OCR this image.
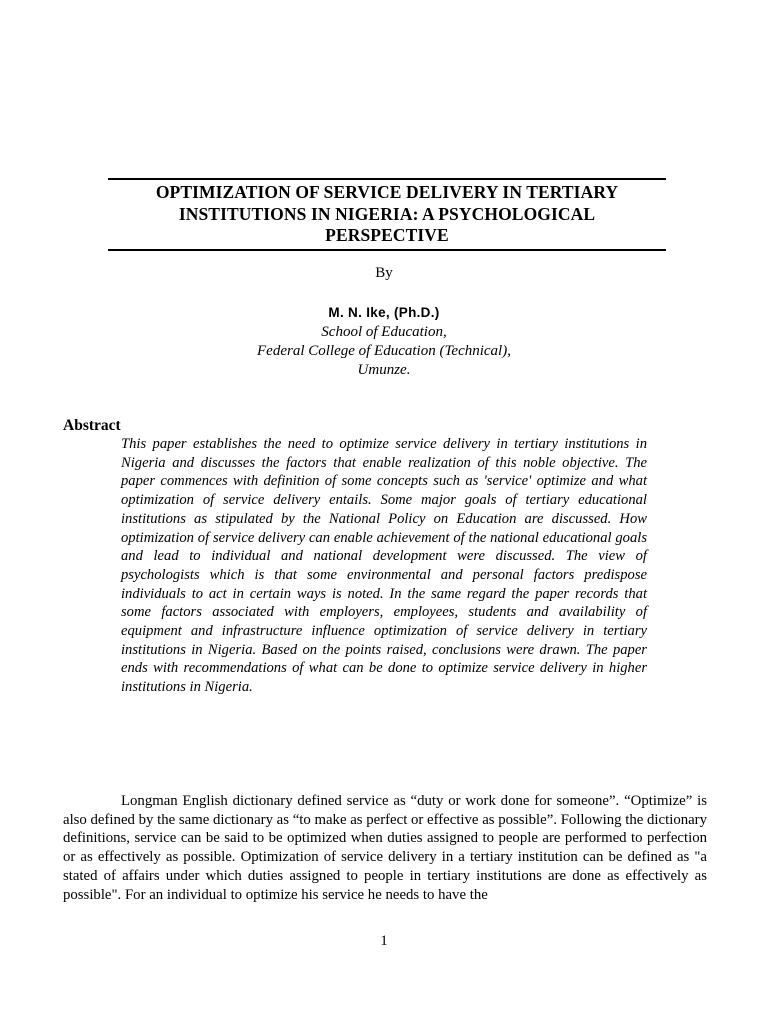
OPTIMIZATION OF SERVICE DELIVERY IN TERTIARY
INSTITUTIONS IN NIGERIA: A PSYCHOLOGICAL
PERSPECTIVE
By
M. N. Ike, (Ph.D.)
School of Education,
Federal College of Education (Technical),
Umunze.
Abstract

This paper establishes the need to optimize service delivery in tertiary institutions in Nigeria and discusses the factors that enable realization of this noble objective. The paper commences with definition of some concepts such as 'service' optimize and what optimization of service delivery entails. Some major goals of tertiary educational institutions as stipulated by the National Policy on Education are discussed. How optimization of service delivery can enable achievement of the national educational goals and lead to individual and national development were discussed. The view of psychologists which is that some environmental and personal factors predispose individuals to act in certain ways is noted. In the same regard the paper records that some factors associated with employers, employees, students and availability of equipment and infrastructure influence optimization of service delivery in tertiary institutions in Nigeria. Based on the points raised, conclusions were drawn. The paper ends with recommendations of what can be done to optimize service delivery in higher institutions in Nigeria.

Longman English dictionary defined service as “duty or work done for someone”. “Optimize” is also defined by the same dictionary as “to make as perfect or effective as possible”. Following the dictionary definitions, service can be said to be optimized when duties assigned to people are performed to perfection or as effectively as possible. Optimization of service delivery in a tertiary institution can be defined as "a stated of affairs under which duties assigned to people in tertiary institutions are done as effectively as possible". For an individual to optimize his service he needs to have the

1
